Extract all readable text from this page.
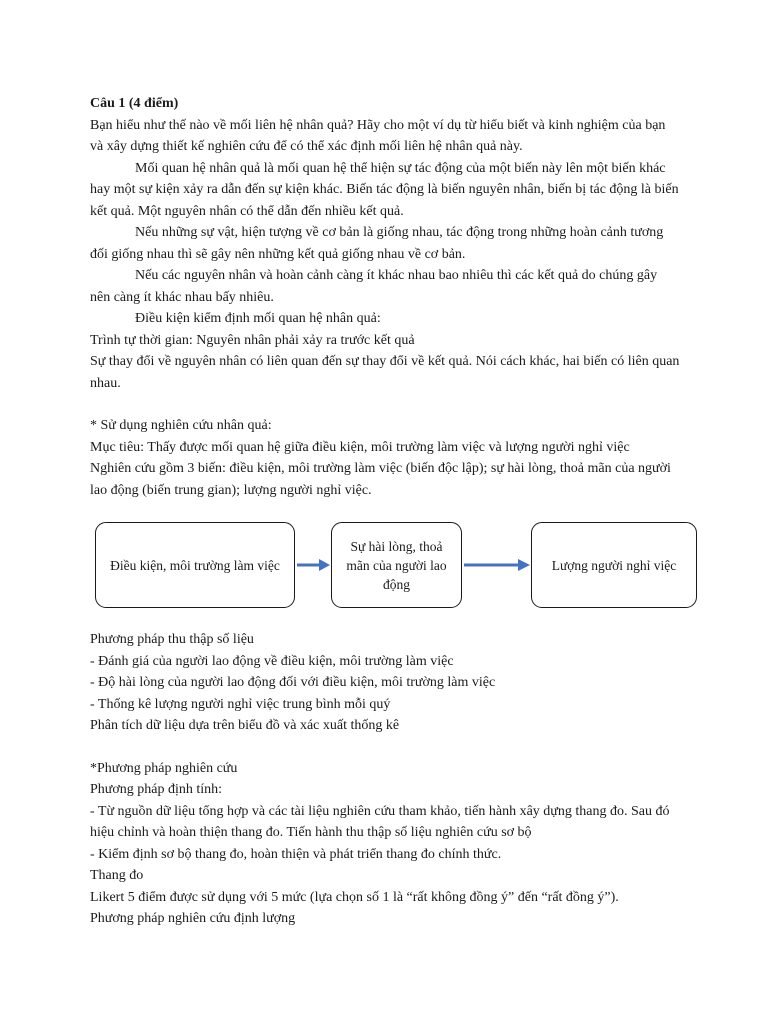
Câu 1 (4 điểm)

Bạn hiểu như thế nào về mối liên hệ nhân quả? Hãy cho một ví dụ từ hiểu biết và kinh nghiệm của bạn và xây dựng thiết kế nghiên cứu để có thể xác định mối liên hệ nhân quả này.

Mối quan hệ nhân quả là mối quan hệ thể hiện sự tác động của một biến này lên một biến khác hay một sự kiện xảy ra dẫn đến sự kiện khác. Biến tác động là biến nguyên nhân, biến bị tác động là biến kết quả. Một nguyên nhân có thể dẫn đến nhiều kết quả.

Nếu những sự vật, hiện tượng về cơ bản là giống nhau, tác động trong những hoàn cảnh tương đối giống nhau thì sẽ gây nên những kết quả giống nhau về cơ bản.

Nếu các nguyên nhân và hoàn cảnh càng ít khác nhau bao nhiêu thì các kết quả do chúng gây nên càng ít khác nhau bấy nhiêu.

Điều kiện kiểm định mối quan hệ nhân quả:

Trình tự thời gian: Nguyên nhân phải xảy ra trước kết quả

Sự thay đổi về nguyên nhân có liên quan đến sự thay đổi về kết quả. Nói cách khác, hai biến có liên quan nhau.

* Sử dụng nghiên cứu nhân quả:

Mục tiêu: Thấy được mối quan hệ giữa điều kiện, môi trường làm việc và lượng người nghỉ việc

Nghiên cứu gồm 3 biến: điều kiện, môi trường làm việc (biến độc lập); sự hài lòng, thoả mãn của người lao động (biến trung gian); lượng người nghỉ việc.

Điều kiện, môi trường làm việc
Sự hài lòng, thoả mãn của người lao động
Lượng người nghỉ việc

Phương pháp thu thập số liệu

- Đánh giá của người lao động về điều kiện, môi trường làm việc

- Độ hài lòng của người lao động đối với điều kiện, môi trường làm việc

- Thống kê lượng người nghỉ việc trung bình mỗi quý

Phân tích dữ liệu dựa trên biểu đồ và xác xuất thống kê

*Phương pháp nghiên cứu

Phương pháp định tính:

- Từ nguồn dữ liệu tổng hợp và các tài liệu nghiên cứu tham khảo, tiến hành xây dựng thang đo. Sau đó hiệu chỉnh và hoàn thiện thang đo. Tiến hành thu thập số liệu nghiên cứu sơ bộ

- Kiểm định sơ bộ thang đo, hoàn thiện và phát triển thang đo chính thức.

Thang đo

Likert 5 điểm được sử dụng với 5 mức (lựa chọn số 1 là “rất không đồng ý” đến “rất đồng ý”).

Phương pháp nghiên cứu định lượng
